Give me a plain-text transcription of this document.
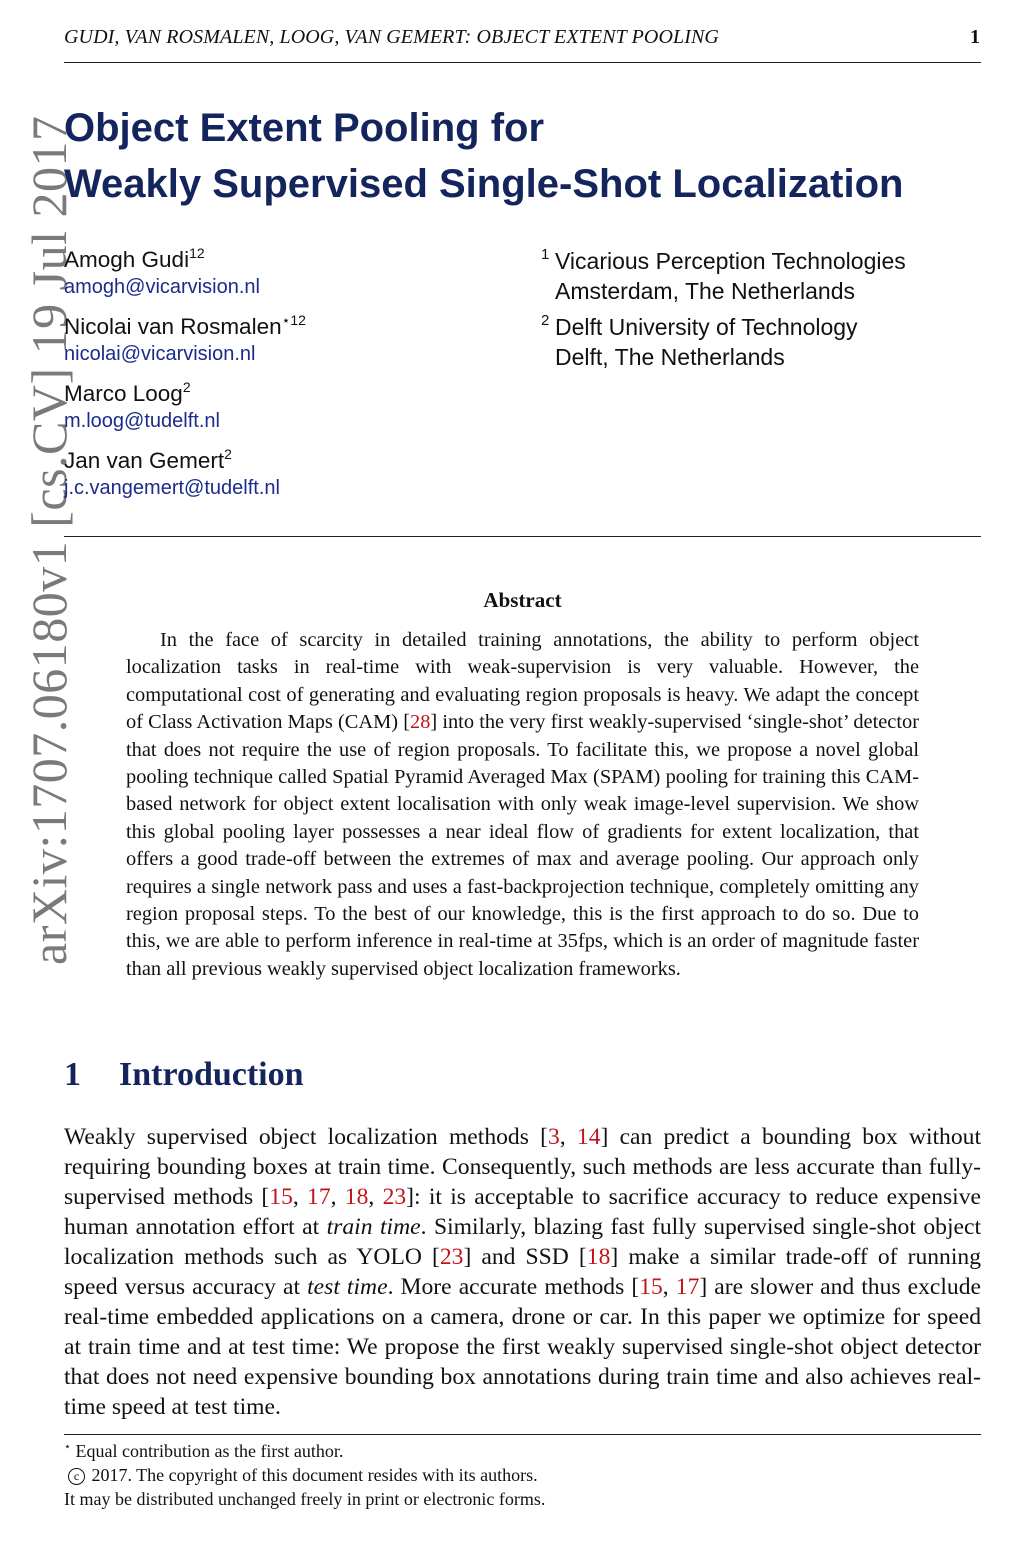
GUDI, VAN ROSMALEN, LOOG, VAN GEMERT: OBJECT EXTENT POOLING	1
arXiv:1707.06180v1 [cs.CV] 19 Jul 2017
Object Extent Pooling for
Weakly Supervised Single-Shot Localization
Amogh Gudi$^{12}$
amogh@vicarvision.nl
Nicolai van Rosmalen$^{⋆12}$
nicolai@vicarvision.nl
Marco Loog$^2$
m.loog@tudelft.nl
Jan van Gemert$^2$
j.c.vangemert@tudelft.nl
1 Vicarious Perception Technologies
Amsterdam, The Netherlands
2 Delft University of Technology
Delft, The Netherlands
Abstract
In the face of scarcity in detailed training annotations, the ability to perform object localization tasks in real-time with weak-supervision is very valuable. However, the computational cost of generating and evaluating region proposals is heavy. We adapt the concept of Class Activation Maps (CAM) [28] into the very first weakly-supervised ‘single-shot’ detector that does not require the use of region proposals. To facilitate this, we propose a novel global pooling technique called Spatial Pyramid Averaged Max (SPAM) pooling for training this CAM-based network for object extent localisation with only weak image-level supervision. We show this global pooling layer possesses a near ideal flow of gradients for extent localization, that offers a good trade-off between the extremes of max and average pooling. Our approach only requires a single network pass and uses a fast-backprojection technique, completely omitting any region proposal steps. To the best of our knowledge, this is the first approach to do so. Due to this, we are able to perform inference in real-time at 35fps, which is an order of magnitude faster than all previous weakly supervised object localization frameworks.
1 Introduction
Weakly supervised object localization methods [3, 14] can predict a bounding box without requiring bounding boxes at train time. Consequently, such methods are less accurate than fully-supervised methods [15, 17, 18, 23]: it is acceptable to sacrifice accuracy to reduce expensive human annotation effort at train time. Similarly, blazing fast fully supervised single-shot object localization methods such as YOLO [23] and SSD [18] make a similar trade-off of running speed versus accuracy at test time. More accurate methods [15, 17] are slower and thus exclude real-time embedded applications on a camera, drone or car. In this paper we optimize for speed at train time and at test time: We propose the first weakly supervised single-shot object detector that does not need expensive bounding box annotations during train time and also achieves real-time speed at test time.
⋆ Equal contribution as the first author.
c 2017. The copyright of this document resides with its authors.
It may be distributed unchanged freely in print or electronic forms.
